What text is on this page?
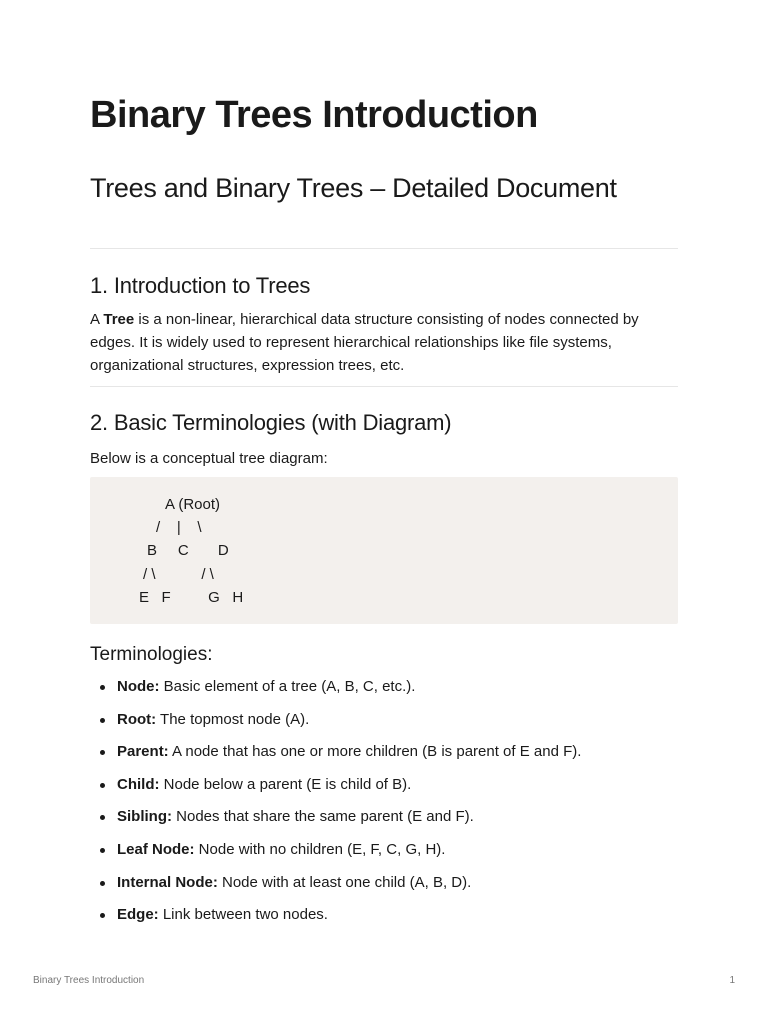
Binary Trees Introduction
Trees and Binary Trees – Detailed Document
1. Introduction to Trees

A Tree is a non-linear, hierarchical data structure consisting of nodes connected by edges. It is widely used to represent hierarchical relationships like file systems, organizational structures, expression trees, etc.

2. Basic Terminologies (with Diagram)

Below is a conceptual tree diagram:

A (Root)
/    |    \
B     C       D
/ \           / \
E   F         G   H
Terminologies:
Node: Basic element of a tree (A, B, C, etc.).
Root: The topmost node (A).
Parent: A node that has one or more children (B is parent of E and F).
Child: Node below a parent (E is child of B).
Sibling: Nodes that share the same parent (E and F).
Leaf Node: Node with no children (E, F, C, G, H).
Internal Node: Node with at least one child (A, B, D).
Edge: Link between two nodes.
Binary Trees Introduction	1
